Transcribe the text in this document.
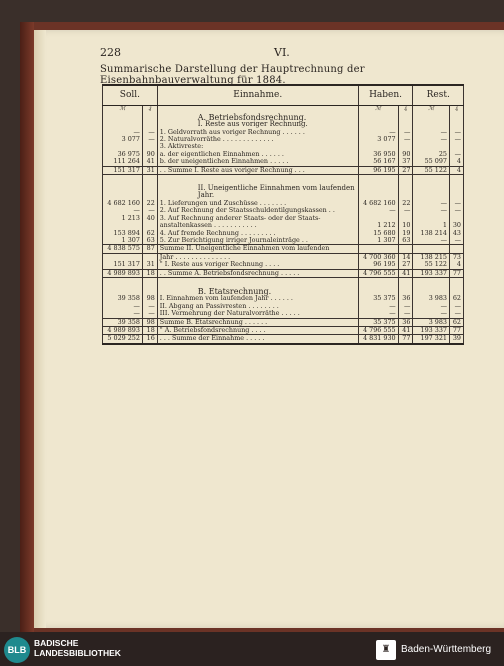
228	VI.
Summarische Darstellung der Hauptrechnung der Eisenbahnbauverwaltung für 1884.
Soll.		Einnahme.	Haben.		Rest.	
ℳ	₰		ℳ	₰	ℳ	₰
		A. Betriebsfondsrechnung.				
		I. Reste aus voriger Rechnung.				
—	—	1. Geldvorrath aus voriger Rechnung . . . . . .	—	—	—	—
3 077	—	2. Naturalvorräthe . . . . . . . . . . . . .	3 077	—	—	—
		3. Aktivreste:				
36 975	90	a. der eigentlichen Einnahmen . . . . . .	36 950	90	25	—
111 264	41	b. der uneigentlichen Einnahmen . . . . .	56 167	37	55 097	4
151 317	31	. . Summe I. Reste aus voriger Rechnung . . .	96 195	27	55 122	4

		II. Uneigentliche Einnahmen vom laufenden Jahr.				
4 682 160	22	1. Lieferungen und Zuschüsse . . . . . . .	4 682 160	22	—	—
—	—	2. Auf Rechnung der Staatsschuldentilgungskassen . .	—	—	—	—
1 213	40	3. Auf Rechnung anderer Staats- oder der Staats-				
		anstaltenkassen . . . . . . . . . . .	1 212	10	1	30
153 894	62	4. Auf fremde Rechnung . . . . . . . . .	15 680	19	138 214	43
1 307	63	5. Zur Berichtigung irriger Journaleinträge . .	1 307	63	—	—
4 838 575	87	Summe II. Uneigentliche Einnahmen vom laufenden				
		Jahr . . . . . . . . . . . . . .	4 700 360	14	138 215	73
151 317	31	" I. Reste aus voriger Rechnung . . . .	96 195	27	55 122	4
4 989 893	18	. . Summe A. Betriebsfondsrechnung . . . . .	4 796 555	41	193 337	77

		B. Etatsrechnung.				
39 358	98	I. Einnahmen vom laufenden Jahr . . . . . .	35 375	36	3 983	62
—	—	II. Abgang an Passivresten . . . . . . . .	—	—	—	—
—	—	III. Vermehrung der Naturalvorräthe . . . . .	—	—	—	—
39 358	98	Summe B. Etatsrechnung . . . . . .	35 375	36	3 983	62
4 989 893	18	" A. Betriebsfondsrechnung . . . .	4 796 555	41	193 337	77
5 029 252	16	. . . Summe der Einnahme . . . . .	4 831 930	77	197 321	39
BLB
BADISCHE
LANDESBIBLIOTHEK	♜	Baden-Württemberg
